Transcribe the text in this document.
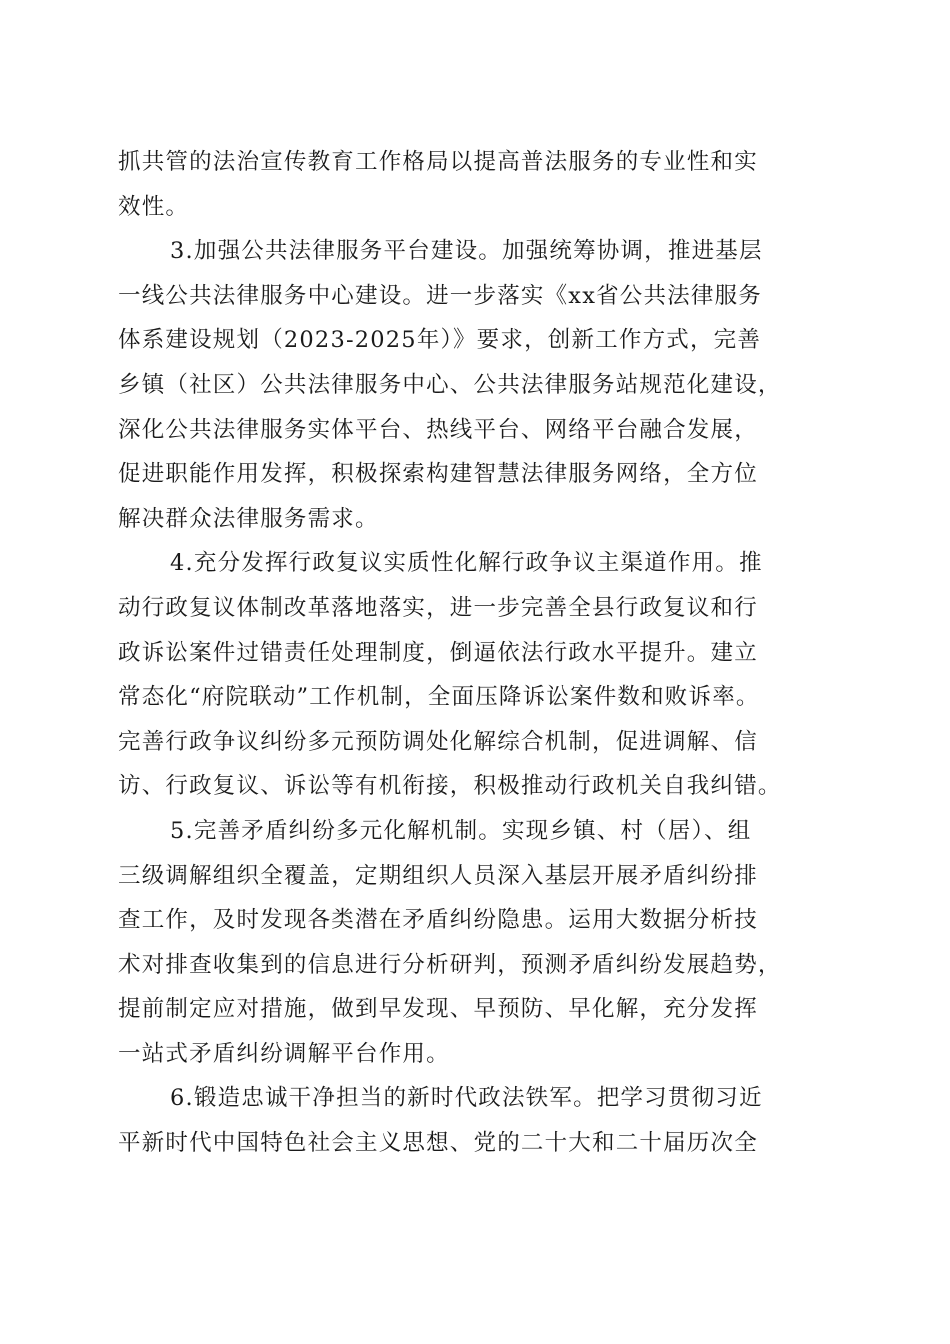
抓共管的法治宣传教育工作格局以提高普法服务的专业性和实
效性。
3.加强公共法律服务平台建设。加强统筹协调，推进基层
一线公共法律服务中心建设。进一步落实《xx省公共法律服务
体系建设规划（2023-2025年）》要求，创新工作方式，完善
乡镇（社区）公共法律服务中心、公共法律服务站规范化建设，
深化公共法律服务实体平台、热线平台、网络平台融合发展，
促进职能作用发挥，积极探索构建智慧法律服务网络，全方位
解决群众法律服务需求。
4.充分发挥行政复议实质性化解行政争议主渠道作用。推
动行政复议体制改革落地落实，进一步完善全县行政复议和行
政诉讼案件过错责任处理制度，倒逼依法行政水平提升。建立
常态化“府院联动”工作机制，全面压降诉讼案件数和败诉率。
完善行政争议纠纷多元预防调处化解综合机制，促进调解、信
访、行政复议、诉讼等有机衔接，积极推动行政机关自我纠错。
5.完善矛盾纠纷多元化解机制。实现乡镇、村（居）、组
三级调解组织全覆盖，定期组织人员深入基层开展矛盾纠纷排
查工作，及时发现各类潜在矛盾纠纷隐患。运用大数据分析技
术对排查收集到的信息进行分析研判，预测矛盾纠纷发展趋势，
提前制定应对措施，做到早发现、早预防、早化解，充分发挥
一站式矛盾纠纷调解平台作用。
6.锻造忠诚干净担当的新时代政法铁军。把学习贯彻习近
平新时代中国特色社会主义思想、党的二十大和二十届历次全
